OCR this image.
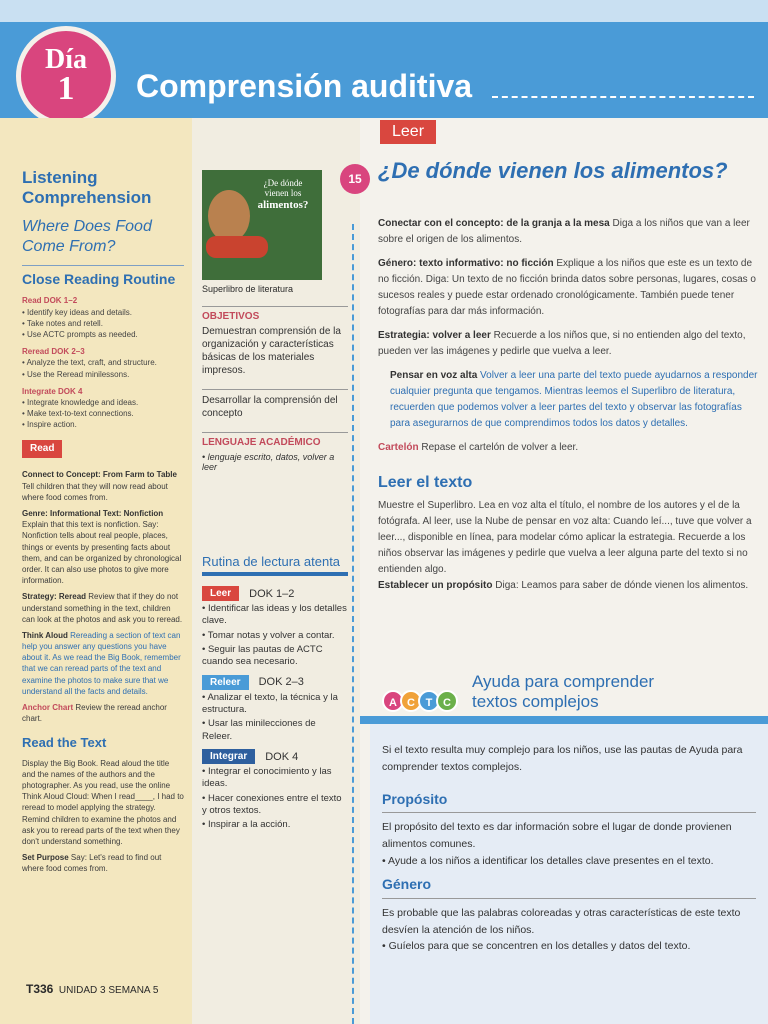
Día
1 Comprensión auditiva
Listening
Comprehension
Where Does Food
Come From?
Close Reading Routine
Read DOK 1–2
• Identify key ideas and details.
• Take notes and retell.
• Use ACTC prompts as needed.
Reread DOK 2–3
• Analyze the text, craft, and structure.
• Use the Reread minilessons.
Integrate DOK 4
• Integrate knowledge and ideas.
• Make text-to-text connections.
• Inspire action.
Read
Connect to Concept: From Farm to Table Tell children that they will now read about where food comes from.
Genre: Informational Text: Nonfiction Explain that this text is nonfiction. Say: Nonfiction tells about real people, places, things or events by presenting facts about them, and can be organized by chronological order. It can also use photos to give more information.
Strategy: Reread Review that if they do not understand something in the text, children can look at the photos and ask you to reread.
Think Aloud Rereading a section of text can help you answer any questions you have about it. As we read the Big Book, remember that we can reread parts of the text and examine the photos to make sure that we understand all the facts and details.
Anchor Chart Review the reread anchor chart.
Read the Text
Display the Big Book. Read aloud the title and the names of the authors and the photographer. As you read, use the online Think Aloud Cloud: When I read____, I had to reread to model applying the strategy. Remind children to examine the photos and ask you to reread parts of the text when they don't understand something.
Set Purpose Say: Let's read to find out where food comes from.
T336 UNIDAD 3 SEMANA 5
¿De dónde
vienen los
alimentos?
Superlibro de literatura
OBJETIVOS
Demuestran comprensión de la organización y características básicas de los materiales impresos.
Desarrollar la comprensión del concepto
LENGUAJE ACADÉMICO
• lenguaje escrito, datos, volver a leer
Rutina de lectura atenta
Leer	DOK 1–2
• Identificar las ideas y los detalles clave.
• Tomar notas y volver a contar.
• Seguir las pautas de ACTC cuando sea necesario.
Releer	DOK 2–3
• Analizar el texto, la técnica y la estructura.
• Usar las minilecciones de Releer.
Integrar	DOK 4
• Integrar el conocimiento y las ideas.
• Hacer conexiones entre el texto y otros textos.
• Inspirar a la acción.
Leer
15 ¿De dónde vienen los alimentos?

Conectar con el concepto: de la granja a la mesa Diga a los niños que van a leer sobre el origen de los alimentos.

Género: texto informativo: no ficción Explique a los niños que este es un texto de no ficción. Diga: Un texto de no ficción brinda datos sobre personas, lugares, cosas o sucesos reales y puede estar ordenado cronológicamente. También puede tener fotografías para dar más información.

Estrategia: volver a leer Recuerde a los niños que, si no entienden algo del texto, pueden ver las imágenes y pedirle que vuelva a leer.

Pensar en voz alta Volver a leer una parte del texto puede ayudarnos a responder cualquier pregunta que tengamos. Mientras leemos el Superlibro de literatura, recuerden que podemos volver a leer partes del texto y observar las fotografías para asegurarnos de que comprendimos todos los datos y detalles.

Cartelón Repase el cartelón de volver a leer.

Leer el texto

Muestre el Superlibro. Lea en voz alta el título, el nombre de los autores y el de la fotógrafa. Al leer, use la Nube de pensar en voz alta: Cuando leí..., tuve que volver a leer..., disponible en línea, para modelar cómo aplicar la estrategia. Recuerde a los niños observar las imágenes y pedirle que vuelva a leer alguna parte del texto si no entienden algo.

Establecer un propósito Diga: Leamos para saber de dónde vienen los alimentos.

A C T C
Ayuda para comprender
textos complejos
Si el texto resulta muy complejo para los niños, use las pautas de Ayuda para comprender textos complejos.
Propósito
El propósito del texto es dar información sobre el lugar de donde provienen alimentos comunes.
• Ayude a los niños a identificar los detalles clave presentes en el texto.
Género
Es probable que las palabras coloreadas y otras características de este texto desvíen la atención de los niños.
• Guíelos para que se concentren en los detalles y datos del texto.
